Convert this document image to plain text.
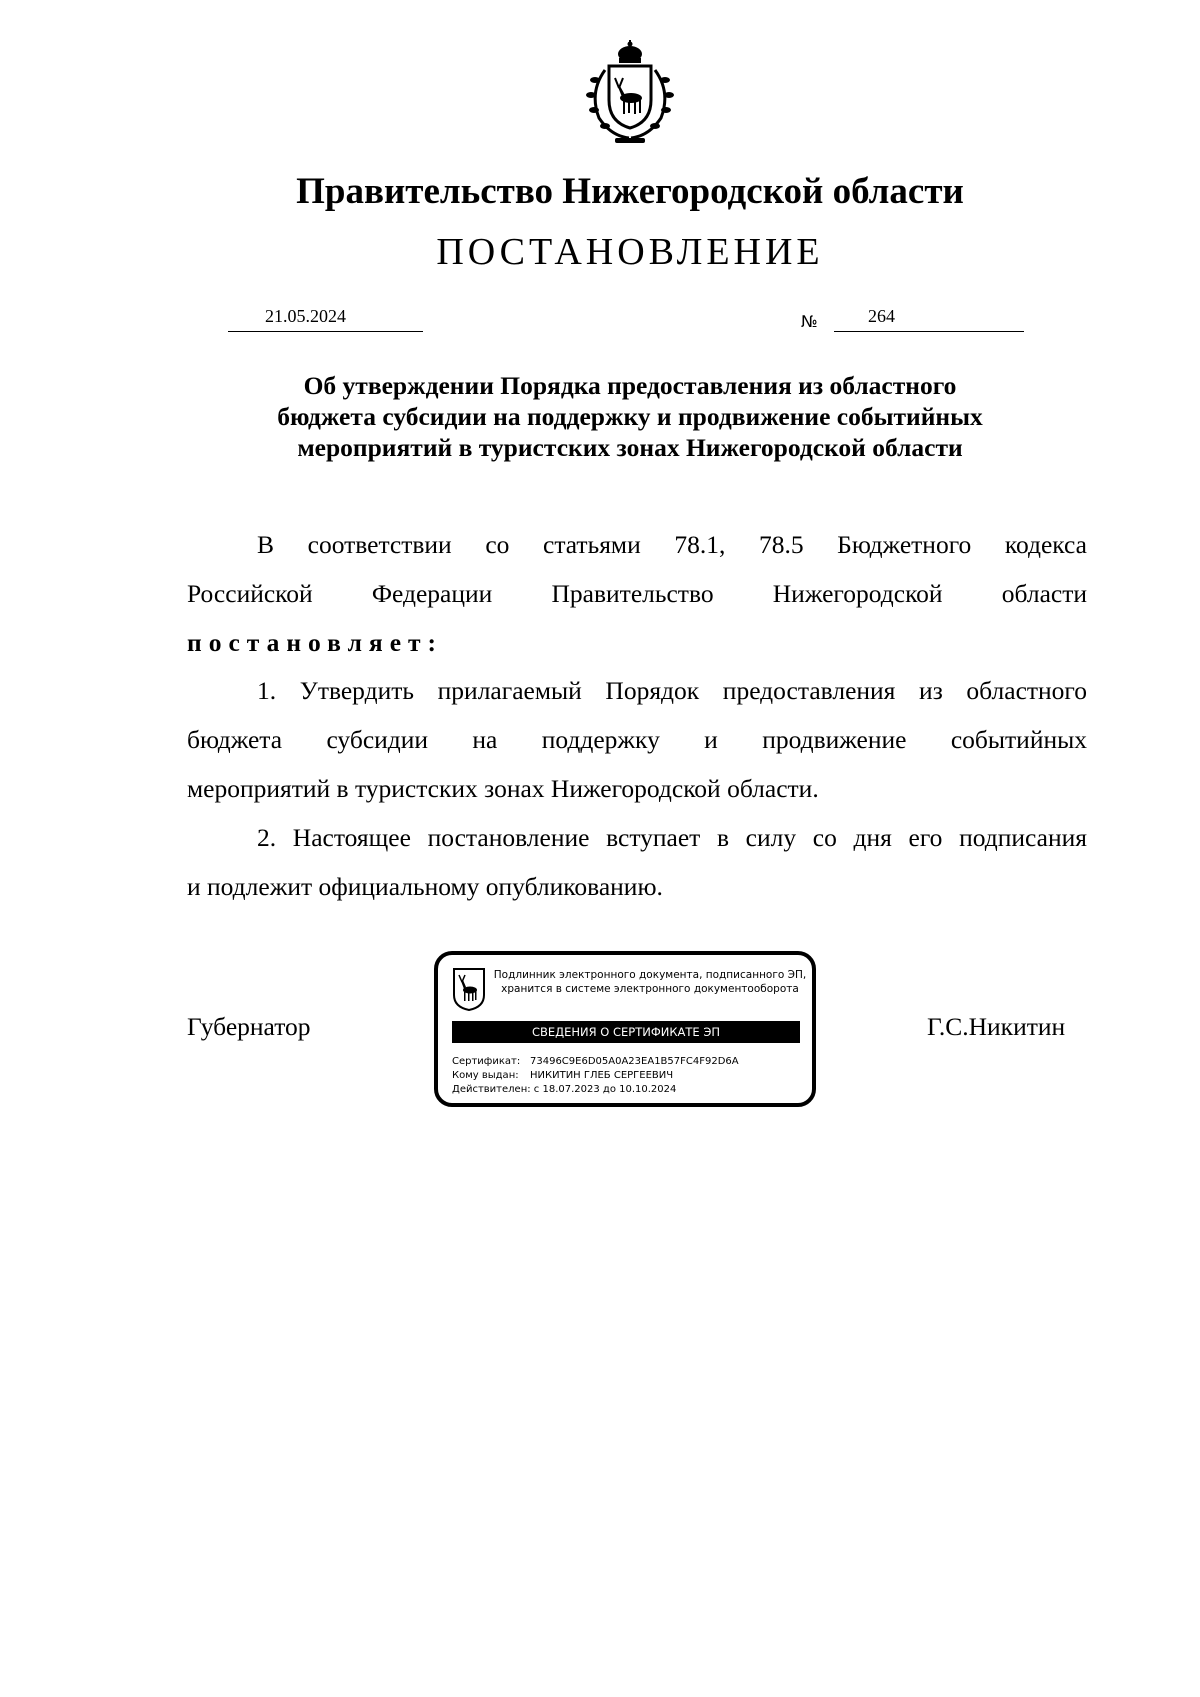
Правительство Нижегородской области
ПОСТАНОВЛЕНИЕ
21.05.2024	№	264
Об утверждении Порядка предоставления из областного
бюджета субсидии на поддержку и продвижение событийных
мероприятий в туристских зонах Нижегородской области
В соответствии со статьями 78.1, 78.5 Бюджетного кодекса
Российской Федерации Правительство Нижегородской области
постановляет:
1. Утвердить прилагаемый Порядок предоставления из областного
бюджета субсидии на поддержку и продвижение событийных
мероприятий в туристских зонах Нижегородской области.
2. Настоящее постановление вступает в силу со дня его подписания
и подлежит официальному опубликованию.
Губернатор	Г.С.Никитин
Подлинник электронного документа, подписанного ЭП,
хранится в системе электронного документооборота
СВЕДЕНИЯ О СЕРТИФИКАТЕ ЭП
Сертификат: 73496C9E6D05A0A23EA1B57FC4F92D6A
Кому выдан: НИКИТИН ГЛЕБ СЕРГЕЕВИЧ
Действителен: с 18.07.2023 до 10.10.2024
